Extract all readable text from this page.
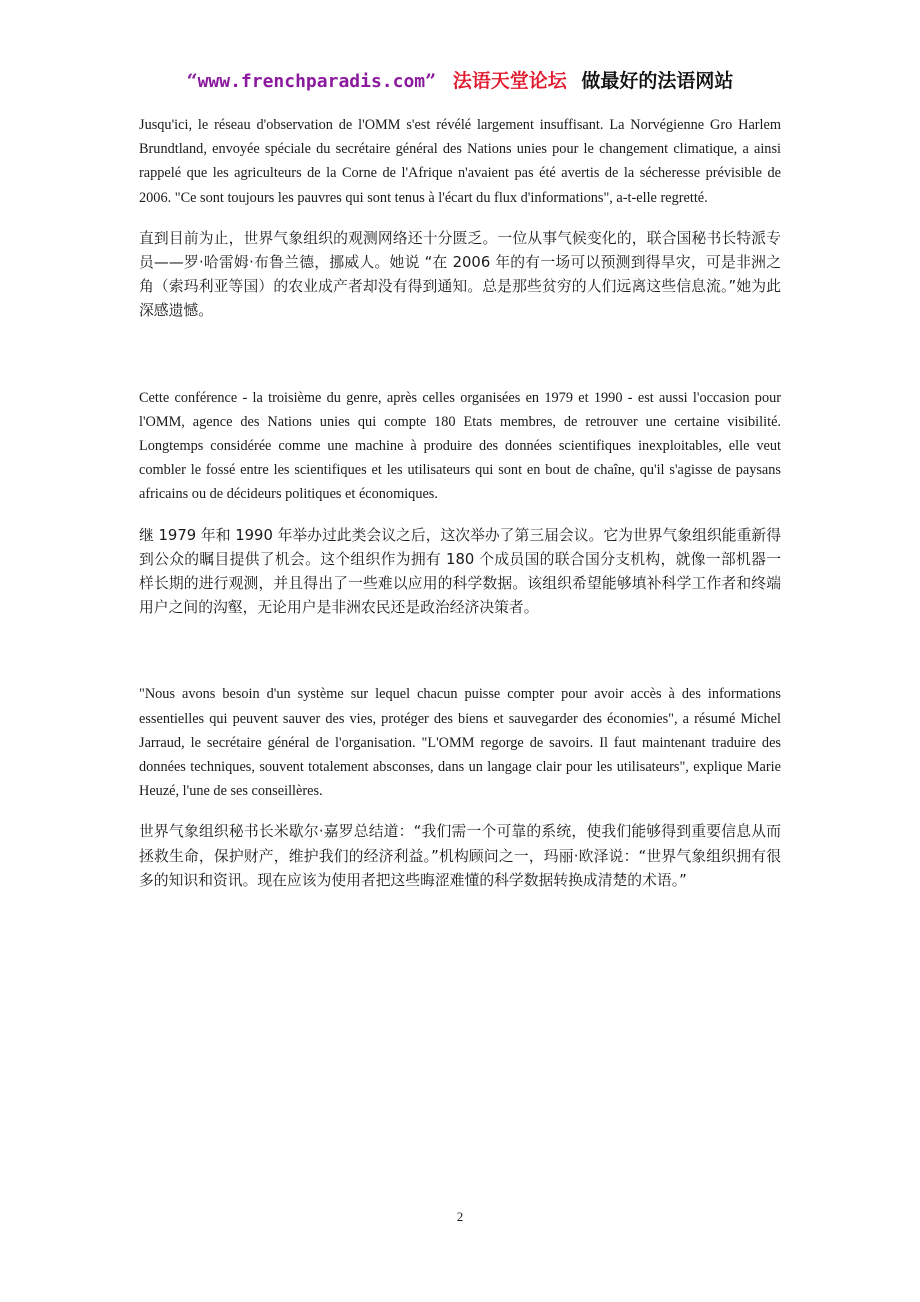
“www.frenchparadis.com” 法语天堂论坛 做最好的法语网站

Jusqu'ici, le réseau d'observation de l'OMM s'est révélé largement insuffisant. La Norvégienne Gro Harlem Brundtland, envoyée spéciale du secrétaire général des Nations unies pour le changement climatique, a ainsi rappelé que les agriculteurs de la Corne de l'Afrique n'avaient pas été avertis de la sécheresse prévisible de 2006. "Ce sont toujours les pauvres qui sont tenus à l'écart du flux d'informations", a-t-elle regretté.

直到目前为止，世界气象组织的观测网络还十分匮乏。一位从事气候变化的，联合国秘书长特派专员——罗·哈雷姆·布鲁兰德，挪威人。她说 “在 2006 年的有一场可以预测到得旱灾，可是非洲之角（索玛利亚等国）的农业成产者却没有得到通知。总是那些贫穷的人们远离这些信息流。”她为此深感遗憾。

Cette conférence - la troisième du genre, après celles organisées en 1979 et 1990 - est aussi l'occasion pour l'OMM, agence des Nations unies qui compte 180 Etats membres, de retrouver une certaine visibilité. Longtemps considérée comme une machine à produire des données scientifiques inexploitables, elle veut combler le fossé entre les scientifiques et les utilisateurs qui sont en bout de chaîne, qu'il s'agisse de paysans africains ou de décideurs politiques et économiques.

继 1979 年和 1990 年举办过此类会议之后，这次举办了第三届会议。它为世界气象组织能重新得到公众的瞩目提供了机会。这个组织作为拥有 180 个成员国的联合国分支机构，就像一部机器一样长期的进行观测，并且得出了一些难以应用的科学数据。该组织希望能够填补科学工作者和终端用户之间的沟壑，无论用户是非洲农民还是政治经济决策者。

"Nous avons besoin d'un système sur lequel chacun puisse compter pour avoir accès à des informations essentielles qui peuvent sauver des vies, protéger des biens et sauvegarder des économies", a résumé Michel Jarraud, le secrétaire général de l'organisation. "L'OMM regorge de savoirs. Il faut maintenant traduire des données techniques, souvent totalement absconses, dans un langage clair pour les utilisateurs", explique Marie Heuzé, l'une de ses conseillères.

世界气象组织秘书长米歇尔·嘉罗总结道：“我们需一个可靠的系统，使我们能够得到重要信息从而拯救生命，保护财产，维护我们的经济利益。”机构顾问之一，玛丽·欧泽说：“世界气象组织拥有很多的知识和资讯。现在应该为使用者把这些晦涩难懂的科学数据转换成清楚的术语。”

2
